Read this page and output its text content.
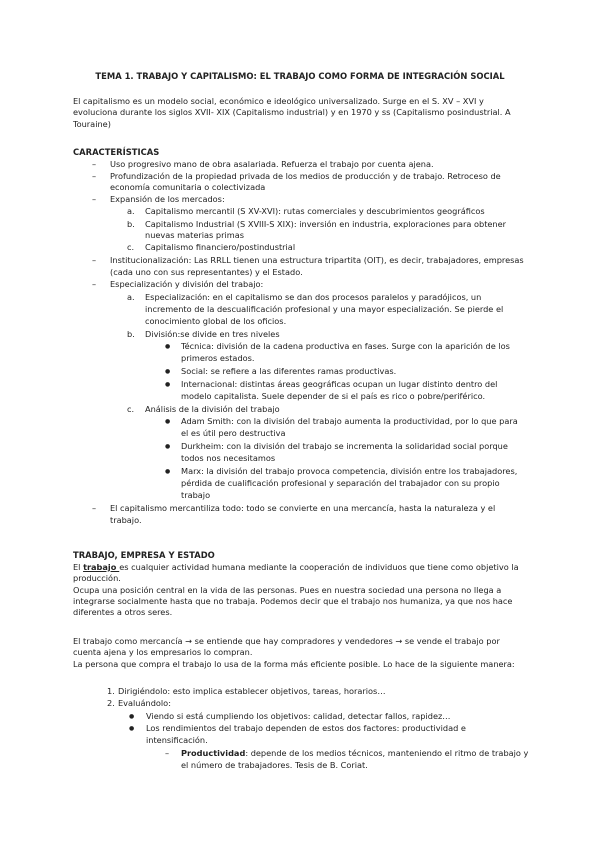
TEMA 1. TRABAJO Y CAPITALISMO: EL TRABAJO COMO FORMA DE INTEGRACIÓN SOCIAL
El capitalismo es un modelo social, económico e ideológico universalizado. Surge en el S. XV – XVI y
evoluciona durante los siglos XVII- XIX (Capitalismo industrial) y en 1970 y ss (Capitalismo posindustrial. A
Touraine)
CARACTERÍSTICAS
– Uso progresivo mano de obra asalariada. Refuerza el trabajo por cuenta ajena.
– Profundización de la propiedad privada de los medios de producción y de trabajo. Retroceso de
economía comunitaria o colectivizada
– Expansión de los mercados:
a. Capitalismo mercantil (S XV-XVI): rutas comerciales y descubrimientos geográficos
b. Capitalismo Industrial (S XVIII-S XIX): inversión en industria, exploraciones para obtener
nuevas materias primas
c. Capitalismo financiero/postindustrial
– Institucionalización: Las RRLL tienen una estructura tripartita (OIT), es decir, trabajadores, empresas
(cada uno con sus representantes) y el Estado.
– Especialización y división del trabajo:
a. Especialización: en el capitalismo se dan dos procesos paralelos y paradójicos, un
incremento de la descualificación profesional y una mayor especialización. Se pierde el
conocimiento global de los oficios.
b. División:se divide en tres niveles
● Técnica: división de la cadena productiva en fases. Surge con la aparición de los
primeros estados.
● Social: se refiere a las diferentes ramas productivas.
● Internacional: distintas áreas geográficas ocupan un lugar distinto dentro del
modelo capitalista. Suele depender de si el país es rico o pobre/periférico.
c. Análisis de la división del trabajo
● Adam Smith: con la división del trabajo aumenta la productividad, por lo que para
el es útil pero destructiva
● Durkheim: con la división del trabajo se incrementa la solidaridad social porque
todos nos necesitamos
● Marx: la división del trabajo provoca competencia, división entre los trabajadores,
pérdida de cualificación profesional y separación del trabajador con su propio
trabajo
– El capitalismo mercantiliza todo: todo se convierte en una mercancía, hasta la naturaleza y el
trabajo.
TRABAJO, EMPRESA Y ESTADO
El trabajo es cualquier actividad humana mediante la cooperación de individuos que tiene como objetivo la
producción.
Ocupa una posición central en la vida de las personas. Pues en nuestra sociedad una persona no llega a
integrarse socialmente hasta que no trabaja. Podemos decir que el trabajo nos humaniza, ya que nos hace
diferentes a otros seres.
El trabajo como mercancía → se entiende que hay compradores y vendedores → se vende el trabajo por
cuenta ajena y los empresarios lo compran.
La persona que compra el trabajo lo usa de la forma más eficiente posible. Lo hace de la siguiente manera:
1. Dirigiéndolo: esto implica establecer objetivos, tareas, horarios…
2. Evaluándolo:
● Viendo si está cumpliendo los objetivos: calidad, detectar fallos, rapidez…
● Los rendimientos del trabajo dependen de estos dos factores: productividad e
intensificación.
– Productividad: depende de los medios técnicos, manteniendo el ritmo de trabajo y
el número de trabajadores. Tesis de B. Coriat.
